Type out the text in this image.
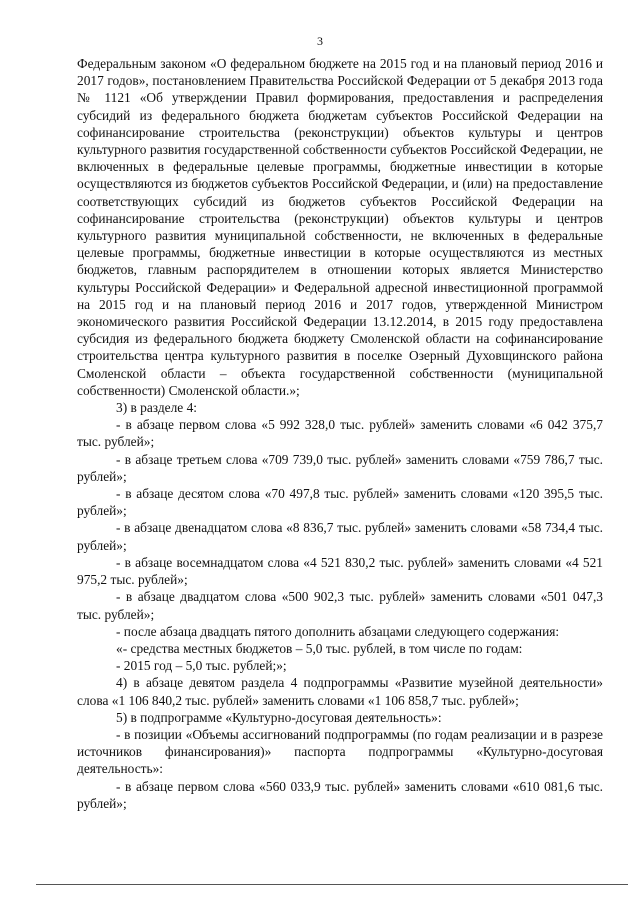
3

Федеральным законом «О федеральном бюджете на 2015 год и на плановый период 2016 и 2017 годов», постановлением Правительства Российской Федерации от 5 декабря 2013 года № 1121 «Об утверждении Правил формирования, предоставления и распределения субсидий из федерального бюджета бюджетам субъектов Российской Федерации на софинансирование строительства (реконструкции) объектов культуры и центров культурного развития государственной собственности субъектов Российской Федерации, не включенных в федеральные целевые программы, бюджетные инвестиции в которые осуществляются из бюджетов субъектов Российской Федерации, и (или) на предоставление соответствующих субсидий из бюджетов субъектов Российской Федерации на софинансирование строительства (реконструкции) объектов культуры и центров культурного развития муниципальной собственности, не включенных в федеральные целевые программы, бюджетные инвестиции в которые осуществляются из местных бюджетов, главным распорядителем в отношении которых является Министерство культуры Российской Федерации» и Федеральной адресной инвестиционной программой на 2015 год и на плановый период 2016 и 2017 годов, утвержденной Министром экономического развития Российской Федерации 13.12.2014, в 2015 году предоставлена субсидия из федерального бюджета бюджету Смоленской области на софинансирование строительства центра культурного развития в поселке Озерный Духовщинского района Смоленской области – объекта государственной собственности (муниципальной собственности) Смоленской области.»;

3) в разделе 4:

- в абзаце первом слова «5 992 328,0 тыс. рублей» заменить словами «6 042 375,7 тыс. рублей»;

- в абзаце третьем слова «709 739,0 тыс. рублей» заменить словами «759 786,7 тыс. рублей»;

- в абзаце десятом слова «70 497,8 тыс. рублей» заменить словами «120 395,5 тыс. рублей»;

- в абзаце двенадцатом слова «8 836,7 тыс. рублей» заменить словами «58 734,4 тыс. рублей»;

- в абзаце восемнадцатом слова «4 521 830,2 тыс. рублей» заменить словами «4 521 975,2 тыс. рублей»;

- в абзаце двадцатом слова «500 902,3 тыс. рублей» заменить словами «501 047,3 тыс. рублей»;

- после абзаца двадцать пятого дополнить абзацами следующего содержания:

«- средства местных бюджетов – 5,0 тыс. рублей, в том числе по годам:

- 2015 год – 5,0 тыс. рублей;»;

4) в абзаце девятом раздела 4 подпрограммы «Развитие музейной деятельности» слова «1 106 840,2 тыс. рублей» заменить словами «1 106 858,7 тыс. рублей»;

5) в подпрограмме «Культурно-досуговая деятельность»:

- в позиции «Объемы ассигнований подпрограммы (по годам реализации и в разрезе источников финансирования)» паспорта подпрограммы «Культурно-досуговая деятельность»:

- в абзаце первом слова «560 033,9 тыс. рублей» заменить словами «610 081,6 тыс. рублей»;
